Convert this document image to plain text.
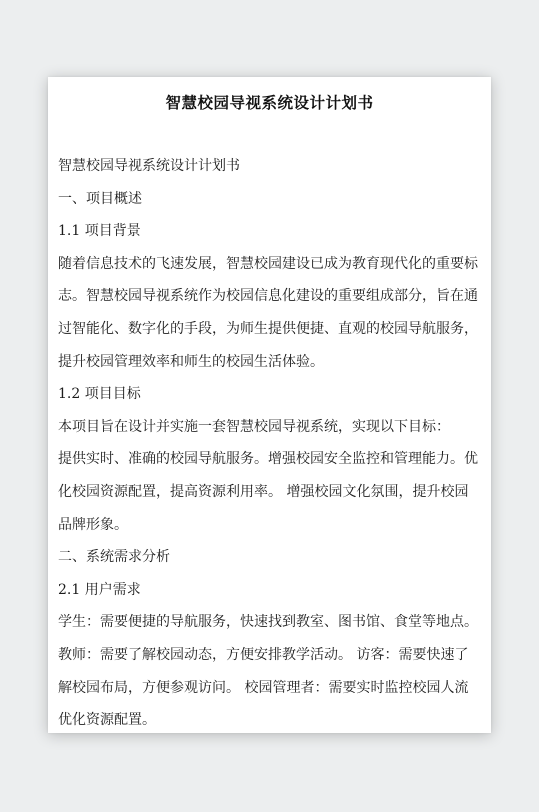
智慧校园导视系统设计计划书
智慧校园导视系统设计计划书
一、项目概述
1.1 项目背景
随着信息技术的飞速发展，智慧校园建设已成为教育现代化的重要标
志。智慧校园导视系统作为校园信息化建设的重要组成部分，旨在通
过智能化、数字化的手段，为师生提供便捷、直观的校园导航服务，
提升校园管理效率和师生的校园生活体验。
1.2 项目目标
本项目旨在设计并实施一套智慧校园导视系统，实现以下目标：
提供实时、准确的校园导航服务。增强校园安全监控和管理能力。优
化校园资源配置，提高资源利用率。 增强校园文化氛围，提升校园
品牌形象。
二、系统需求分析
2.1 用户需求
学生：需要便捷的导航服务，快速找到教室、图书馆、食堂等地点。
教师：需要了解校园动态，方便安排教学活动。 访客：需要快速了
解校园布局，方便参观访问。 校园管理者：需要实时监控校园人流
优化资源配置。
